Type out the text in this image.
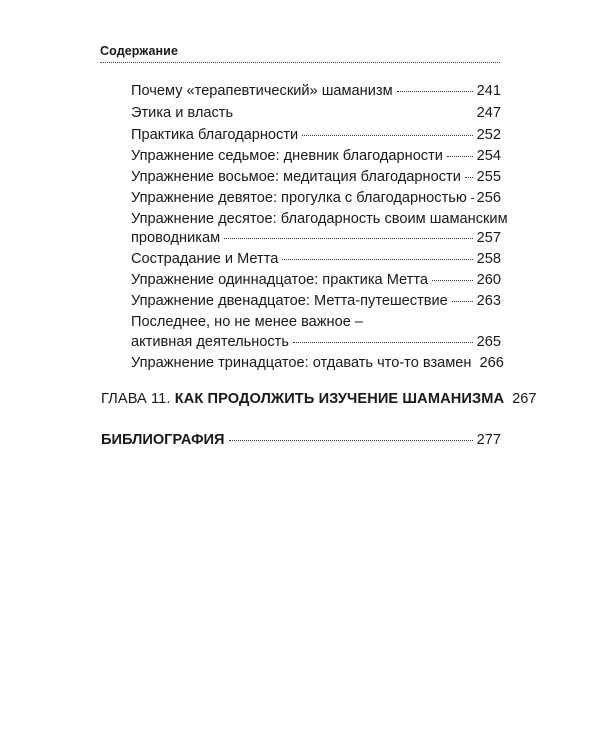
Содержание
Почему «терапевтический» шаманизм	241
Этика и власть	247
Практика благодарности	252
Упражнение седьмое: дневник благодарности 254
Упражнение восьмое: медитация благодарности 255
Упражнение девятое: прогулка с благодарностью 256
Упражнение десятое: благодарность своим шаманским
проводникам	257
Сострадание и Метта	258
Упражнение одиннадцатое: практика Метта	260
Упражнение двенадцатое: Метта-путешествие 263
Последнее, но не менее важное –
активная деятельность	265
Упражнение тринадцатое: отдавать что-то взамен 266
ГЛАВА 11. КАК ПРОДОЛЖИТЬ ИЗУЧЕНИЕ ШАМАНИЗМА 267
БИБЛИОГРАФИЯ	277
